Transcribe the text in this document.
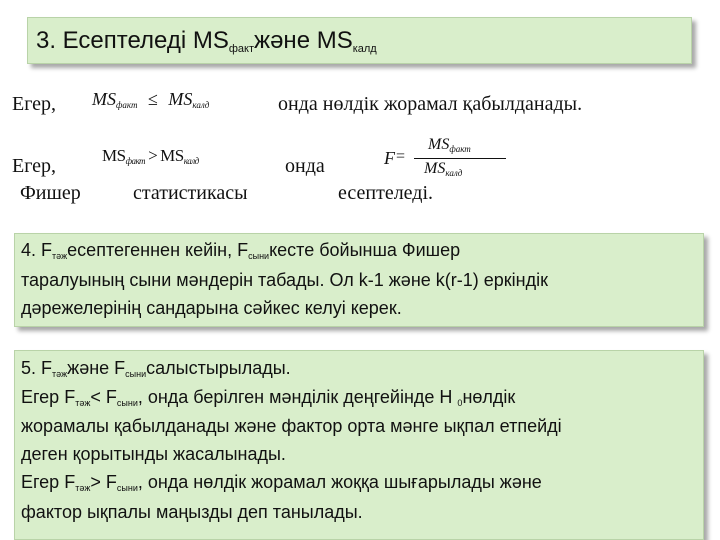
3. Есептеледі $MS_{факт}және$ $MS_{калд}$
Егер, MSфакт ≤ MSкалд	онда нөлдік жорамал қабылданады.
Егер,	MSфакт > MSкалд	онда	F =
MSфакт
MSкалд
Фишер	статистикасы	есептеледі.
4. $F_{тәж}есептегеннен$ кейін, $F_{сыни}кесте$ бойынша Фишер
таралуының сыни мәндерін табады. Ол k-1 және k(r-1) еркіндік
дәрежелерінің сандарына сәйкес келуі керек.
5. $F_{тәж}және$ $F_{сыни}салыстырылады$.
Егер $F_{тәж}< F_{сыни}$, онда берілген мәнділік деңгейінде H $_0$нөлдік
жорамалы қабылданады және фактор орта мәнге ықпал етпейді
деген қорытынды жасалынады.
Егер $F_{тәж}> F_{сыни}$, онда нөлдік жорамал жоққа шығарылады және
фактор ықпалы маңызды деп танылады.
